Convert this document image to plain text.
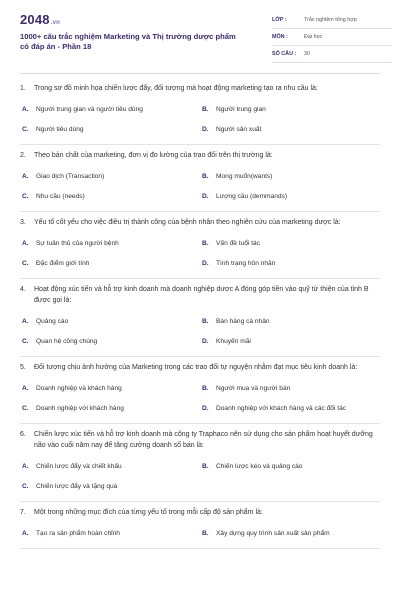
2048.vn
1000+ câu trắc nghiệm Marketing và Thị trường dược phẩm có đáp án - Phần 18
LỚP :	Trắc nghiệm tổng hợp
MÔN :	Đại học
SỐ CÂU : 30
1.	Trong sơ đồ minh họa chiến lược đẩy, đối tượng mà hoạt động marketing tạo ra nhu cầu là:
A.	Người trung gian và người tiêu dùng	B.	Người trung gian
C.	Người tiêu dùng	D.	Người sản xuất
2.	Theo bản chất của marketing, đơn vị đo lường của trao đổi trên thị trường là:
A.	Giao dịch (Transaction)	B.	Mong muốn(wants)
C.	Nhu cầu (needs)	D.	Lượng cầu (demmands)
3.	Yếu tố cốt yếu cho việc điều trị thành công của bệnh nhân theo nghiên cứu của marketing dược là:
A.	Sự tuân thủ của người bệnh	B.	Vấn đề tuổi tác
C.	Đặc điểm giới tính	D.	Tình trạng hôn nhân
4.	Hoạt động xúc tiến và hỗ trợ kinh doanh mà doanh nghiệp dược A đóng góp tiền vào quỹ từ thiện của tỉnh B được gọi là:
A.	Quảng cáo	B.	Bán hàng cá nhân
C.	Quan hệ công chúng	D.	Khuyến mãi
5.	Đối tượng chịu ảnh hưởng của Marketing trong các trao đổi tự nguyện nhằm đạt mục tiêu kinh doanh là:
A.	Doanh nghiệp và khách hàng	B.	Người mua và người bán
C.	Doanh nghiệp với khách hàng	D.	Doanh nghiệp với khách hàng và các đối tác
6.	Chiến lược xúc tiến và hỗ trợ kinh doanh mà công ty Traphaco nên sử dụng cho sản phẩm hoạt huyết dưỡng não vào cuối năm nay để tăng cường doanh số bán là:
A.	Chiến lược đẩy và chiết khấu	B.	Chiến lược kéo và quảng cáo
C.	Chiến lược đẩy và tặng quà
7.	Một trong những mục đích của từng yếu tố trong mỗi cấp độ sản phẩm là:
A.	Tạo ra sản phẩm hoàn chỉnh	B.	Xây dựng quy trình sản xuất sản phẩm
